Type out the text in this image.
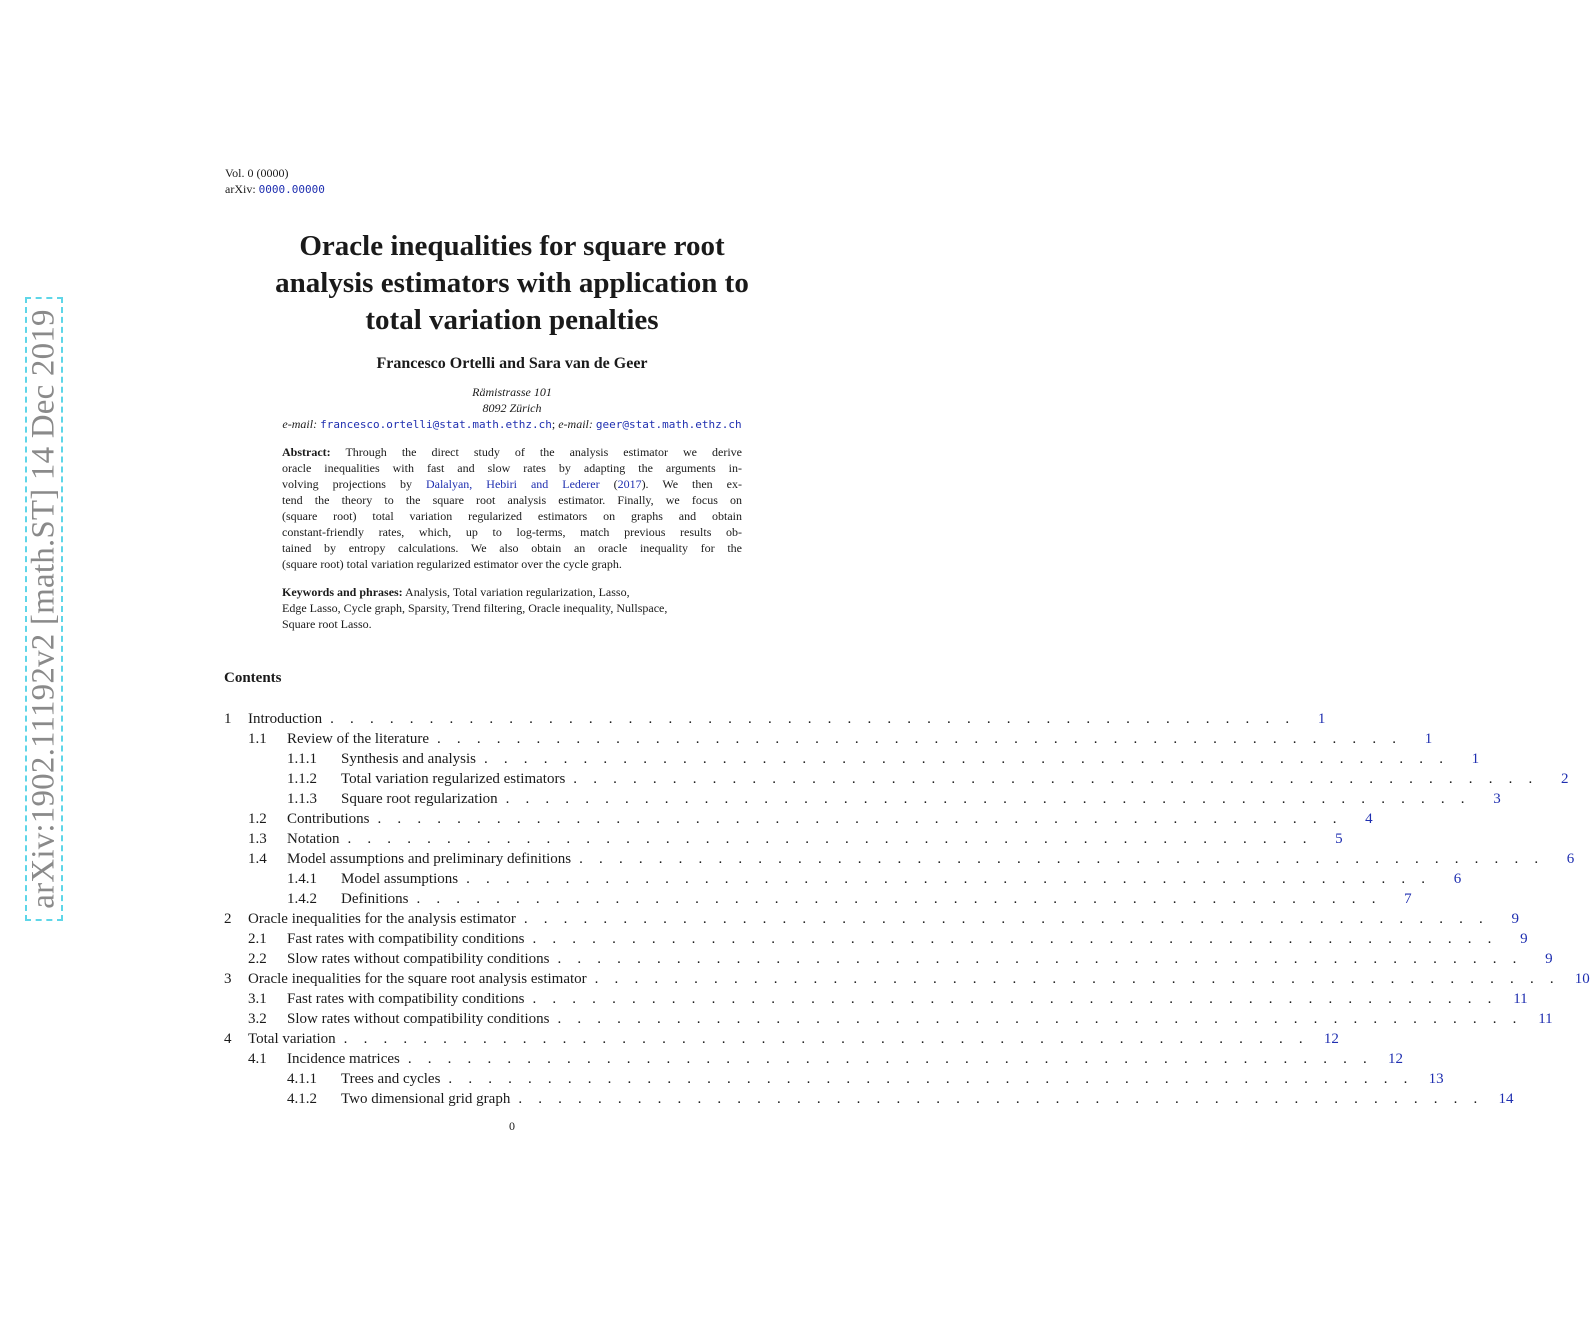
arXiv:1902.11192v2 [math.ST] 14 Dec 2019
Vol. 0 (0000)
arXiv: 0000.00000
Oracle inequalities for square root
analysis estimators with application to
total variation penalties
Francesco Ortelli and Sara van de Geer
Rämistrasse 101
8092 Zürich
e-mail: francesco.ortelli@stat.math.ethz.ch; e-mail: geer@stat.math.ethz.ch
Abstract: Through the direct study of the analysis estimator we derive
oracle inequalities with fast and slow rates by adapting the arguments in-
volving projections by Dalalyan, Hebiri and Lederer (2017). We then ex-
tend the theory to the square root analysis estimator. Finally, we focus on
(square root) total variation regularized estimators on graphs and obtain
constant-friendly rates, which, up to log-terms, match previous results ob-
tained by entropy calculations. We also obtain an oracle inequality for the
(square root) total variation regularized estimator over the cycle graph.
Keywords and phrases: Analysis, Total variation regularization, Lasso,
Edge Lasso, Cycle graph, Sparsity, Trend filtering, Oracle inequality, Nullspace,
Square root Lasso.
Contents
1	Introduction . . . . . . . . . . . . . . . . . . . . . . . . . . . . . . . . . . . . . . . . . . . . . . . . .	1
1.1	Review of the literature . . . . . . . . . . . . . . . . . . . . . . . . . . . . . . . . . . . . . . . . . . . . . . . . .	1
1.1.1	Synthesis and analysis . . . . . . . . . . . . . . . . . . . . . . . . . . . . . . . . . . . . . . . . . . . . . . . . .	1
1.1.2	Total variation regularized estimators . . . . . . . . . . . . . . . . . . . . . . . . . . . . . . . . . . . . . . . . . . . . . . . . .	2
1.1.3	Square root regularization . . . . . . . . . . . . . . . . . . . . . . . . . . . . . . . . . . . . . . . . . . . . . . . . .	3
1.2	Contributions . . . . . . . . . . . . . . . . . . . . . . . . . . . . . . . . . . . . . . . . . . . . . . . . .	4
1.3	Notation . . . . . . . . . . . . . . . . . . . . . . . . . . . . . . . . . . . . . . . . . . . . . . . . .	5
1.4	Model assumptions and preliminary definitions . . . . . . . . . . . . . . . . . . . . . . . . . . . . . . . . . . . . . . . . . . . . . . . . .	6
1.4.1	Model assumptions . . . . . . . . . . . . . . . . . . . . . . . . . . . . . . . . . . . . . . . . . . . . . . . . .	6
1.4.2	Definitions . . . . . . . . . . . . . . . . . . . . . . . . . . . . . . . . . . . . . . . . . . . . . . . . .	7
2	Oracle inequalities for the analysis estimator . . . . . . . . . . . . . . . . . . . . . . . . . . . . . . . . . . . . . . . . . . . . . . . . .	9
2.1	Fast rates with compatibility conditions . . . . . . . . . . . . . . . . . . . . . . . . . . . . . . . . . . . . . . . . . . . . . . . . .	9
2.2	Slow rates without compatibility conditions . . . . . . . . . . . . . . . . . . . . . . . . . . . . . . . . . . . . . . . . . . . . . . . . .	9
3	Oracle inequalities for the square root analysis estimator . . . . . . . . . . . . . . . . . . . . . . . . . . . . . . . . . . . . . . . . . . . . . . . . .	10
3.1	Fast rates with compatibility conditions . . . . . . . . . . . . . . . . . . . . . . . . . . . . . . . . . . . . . . . . . . . . . . . . .	11
3.2	Slow rates without compatibility conditions . . . . . . . . . . . . . . . . . . . . . . . . . . . . . . . . . . . . . . . . . . . . . . . . .	11
4	Total variation . . . . . . . . . . . . . . . . . . . . . . . . . . . . . . . . . . . . . . . . . . . . . . . . .	12
4.1	Incidence matrices . . . . . . . . . . . . . . . . . . . . . . . . . . . . . . . . . . . . . . . . . . . . . . . . .	12
4.1.1	Trees and cycles . . . . . . . . . . . . . . . . . . . . . . . . . . . . . . . . . . . . . . . . . . . . . . . . .	13
4.1.2	Two dimensional grid graph . . . . . . . . . . . . . . . . . . . . . . . . . . . . . . . . . . . . . . . . . . . . . . . . .	14
0
